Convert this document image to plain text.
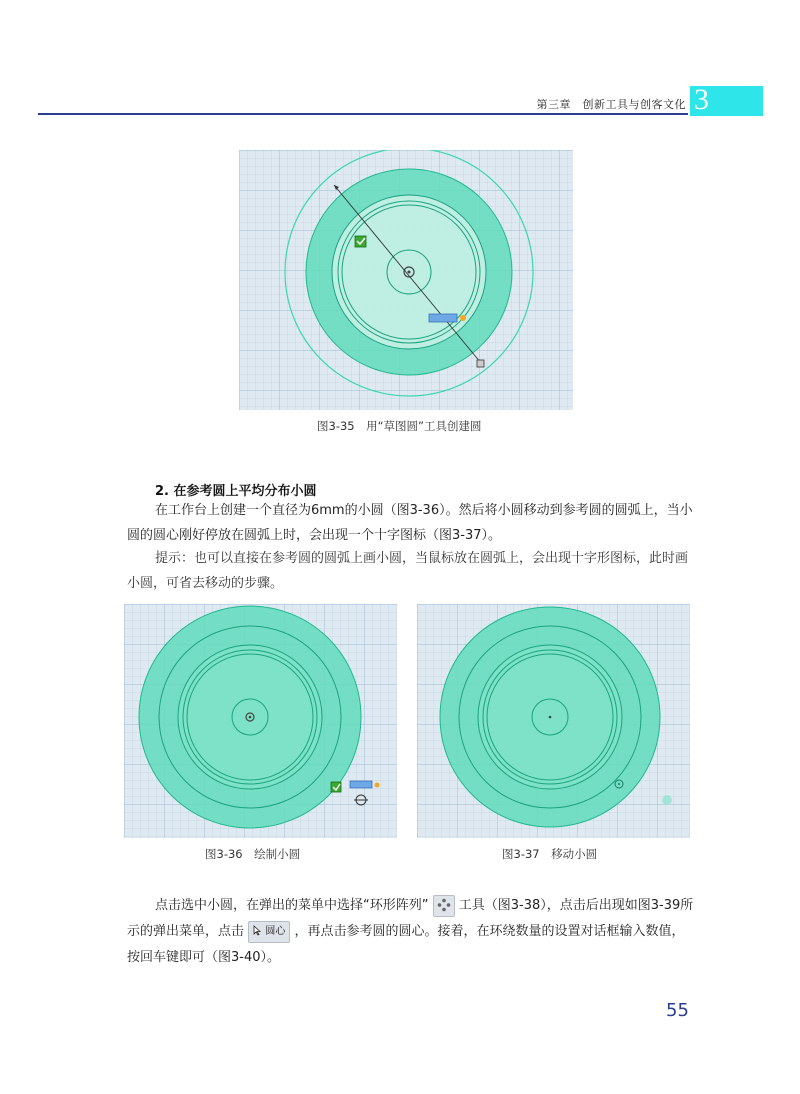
第三章　创新工具与创客文化 3
图3-35　用“草图圆”工具创建圆
2. 在参考圆上平均分布小圆
在工作台上创建一个直径为6mm的小圆（图3-36）。然后将小圆移动到参考圆的圆弧上，当小圆的圆心刚好停放在圆弧上时，会出现一个十字图标（图3-37）。
提示：也可以直接在参考圆的圆弧上画小圆，当鼠标放在圆弧上，会出现十字形图标，此时画小圆，可省去移动的步骤。
图3-36　绘制小圆	图3-37　移动小圆
点击选中小圆，在弹出的菜单中选择“环形阵列” 工具（图3-38），点击后出现如图3-39所示的弹出菜单，点击 圆心 ，再点击参考圆的圆心。接着，在环绕数量的设置对话框输入数值，按回车键即可（图3-40）。
55
